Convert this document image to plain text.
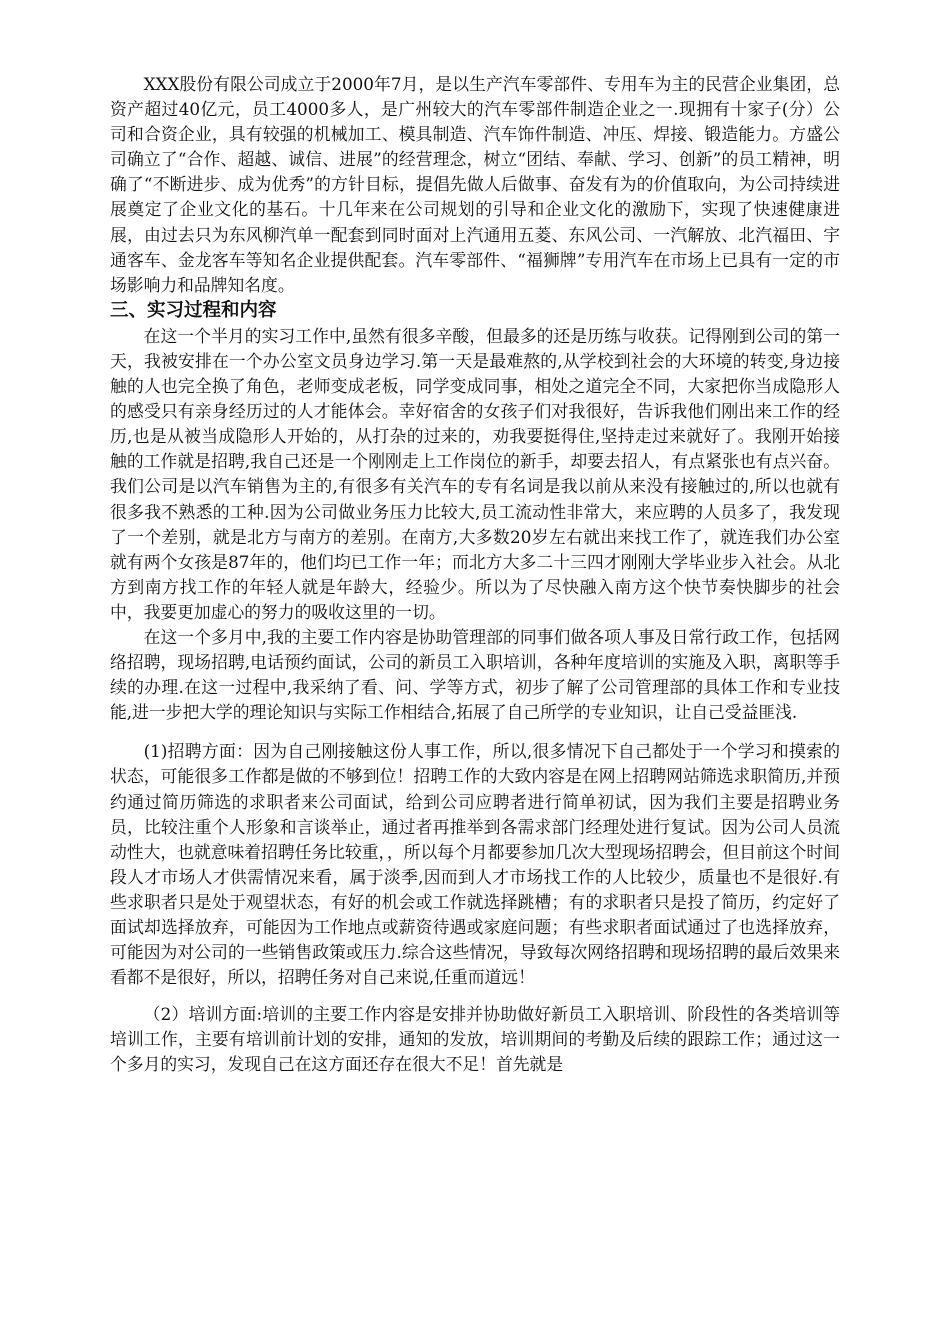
XXX股份有限公司成立于2000年7月，是以生产汽车零部件、专用车为主的民营企业集团，总资产超过40亿元，员工4000多人，是广州较大的汽车零部件制造企业之一.现拥有十家子(分）公司和合资企业，具有较强的机械加工、模具制造、汽车饰件制造、冲压、焊接、锻造能力。方盛公司确立了“合作、超越、诚信、进展”的经营理念，树立“团结、奉献、学习、创新”的员工精神，明确了“不断进步、成为优秀”的方针目标，提倡先做人后做事、奋发有为的价值取向，为公司持续进展奠定了企业文化的基石。十几年来在公司规划的引导和企业文化的激励下，实现了快速健康进展，由过去只为东风柳汽单一配套到同时面对上汽通用五菱、东风公司、一汽解放、北汽福田、宇通客车、金龙客车等知名企业提供配套。汽车零部件、“福狮牌”专用汽车在市场上已具有一定的市场影响力和品牌知名度。

三、实习过程和内容

在这一个半月的实习工作中,虽然有很多辛酸，但最多的还是历练与收获。记得刚到公司的第一天，我被安排在一个办公室文员身边学习.第一天是最难熬的,从学校到社会的大环境的转变,身边接触的人也完全换了角色，老师变成老板，同学变成同事，相处之道完全不同，大家把你当成隐形人的感受只有亲身经历过的人才能体会。幸好宿舍的女孩子们对我很好，告诉我他们刚出来工作的经历,也是从被当成隐形人开始的，从打杂的过来的，劝我要挺得住,坚持走过来就好了。我刚开始接触的工作就是招聘,我自己还是一个刚刚走上工作岗位的新手，却要去招人，有点紧张也有点兴奋。我们公司是以汽车销售为主的,有很多有关汽车的专有名词是我以前从来没有接触过的,所以也就有很多我不熟悉的工种.因为公司做业务压力比较大,员工流动性非常大，来应聘的人员多了，我发现了一个差别，就是北方与南方的差别。在南方,大多数20岁左右就出来找工作了，就连我们办公室就有两个女孩是87年的，他们均已工作一年；而北方大多二十三四才刚刚大学毕业步入社会。从北方到南方找工作的年轻人就是年龄大，经验少。所以为了尽快融入南方这个快节奏快脚步的社会中，我要更加虚心的努力的吸收这里的一切。

在这一个多月中,我的主要工作内容是协助管理部的同事们做各项人事及日常行政工作，包括网络招聘，现场招聘,电话预约面试，公司的新员工入职培训，各种年度培训的实施及入职，离职等手续的办理.在这一过程中,我采纳了看、问、学等方式，初步了解了公司管理部的具体工作和专业技能,进一步把大学的理论知识与实际工作相结合,拓展了自己所学的专业知识，让自己受益匪浅.

(1)招聘方面：因为自己刚接触这份人事工作，所以,很多情况下自己都处于一个学习和摸索的状态，可能很多工作都是做的不够到位！招聘工作的大致内容是在网上招聘网站筛选求职简历,并预约通过简历筛选的求职者来公司面试，给到公司应聘者进行简单初试，因为我们主要是招聘业务员，比较注重个人形象和言谈举止，通过者再推举到各需求部门经理处进行复试。因为公司人员流动性大，也就意味着招聘任务比较重，，所以每个月都要参加几次大型现场招聘会，但目前这个时间段人才市场人才供需情况来看，属于淡季,因而到人才市场找工作的人比较少，质量也不是很好.有些求职者只是处于观望状态，有好的机会或工作就选择跳槽；有的求职者只是投了简历，约定好了面试却选择放弃，可能因为工作地点或薪资待遇或家庭问题；有些求职者面试通过了也选择放弃，可能因为对公司的一些销售政策或压力.综合这些情况，导致每次网络招聘和现场招聘的最后效果来看都不是很好，所以，招聘任务对自己来说,任重而道远！

（2）培训方面:培训的主要工作内容是安排并协助做好新员工入职培训、阶段性的各类培训等培训工作，主要有培训前计划的安排，通知的发放，培训期间的考勤及后续的跟踪工作；通过这一个多月的实习，发现自己在这方面还存在很大不足！首先就是
